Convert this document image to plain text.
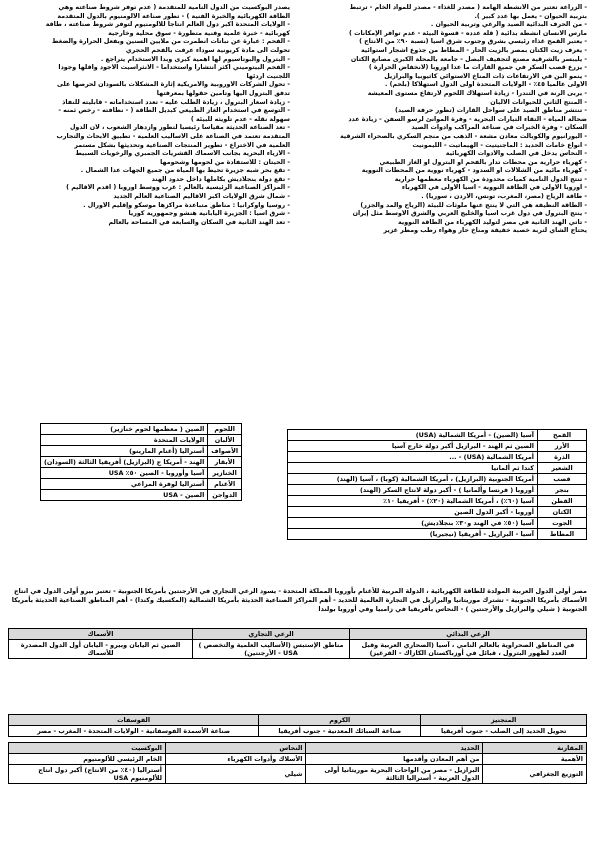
- الزراعة تعتبر من الأنشطة الهامة ( مصدر للغذاء - مصدر للمواد الخام - ترتبط
بتربية الحيوان - يعمل بها عدد كبير ).
- من الحرف البدائية الصيد والرعي وتربية الحيوان .
مارس الانسان أنشطة بدائية ( قلة عدده - قسوة البيئة - عدم توافر الإمكانات )
- يعتبر القمح غذاء رئيسي بشرق وجنوب شرق آسيا (نسبة ٩٠٪ من الانتاج )
- يعرف زيت الكتان بمصر بالزيت الحار - المطاط من جذوع أشجار استوائية
- يليبسر بالشرقية مصنع لتجفيف البصل - جامعة بالمحلة الكبرى مصانع الكتان
- يزرع قصب السكر في جميع القارات ما عدا أوروبا (لانخفاض الحرارة )
- ينمو البن في الارتفاعات ذات المناخ الاستوائي كأثيوبيا والبرازيل
الأولى عالميا ٤٥٪ - الولايات المتحدة أولى الدول استهلاكا (بلحم) .
- يربى الرنة في التندرا - زيادة استهلاك اللحوم لارتفاع مستوى المعيشة
- المنتج الثاني للحيوانات الألبان
- تنتشر مناطق الصيد على سواحل القارات (تطور حرفة الصيد)
ضحالة المياه - التقاء التيارات البحرية - وفرة الموانئ لرسو السفن - زيادة عدد
السكان - وفرة الخبرات في صناعة المراكب وأدوات الصيد
- اليورانيوم والكوبالت معادن مشعة - الذهب من منجم السكري بالصحراء الشرقية
- أنواع خامات الحديد : الماجنيتيت - الهيماتيت - الليمونيت
- النحاس يدخل في الصلب والأدوات الكهربائية
- كهرباء حرارية من محطات تدار بالفحم أو البترول أو الغاز الطبيعي
- كهرباء مائية من الشلالات أو السدود - كهرباء نووية من المحطات النووية
- تنتج الدول النامية كميات محدودة من الكهرباء معظمها حرارية
- أوروبا الأولى في الطاقة النووية - آسيا الأولى في الكهرباء
- طاقة الرياح (مصر، المغرب، تونس، الأردن ، سوريا) .
- الطاقة النظيفة هي التي لا ينتج عنها ملوثات للبيئة (الرياح والمد والجزر)
- ينتج البترول في دول غرب آسيا والخليج العربي والشرق الأوسط مثل إيران
- تأتي الهند الثانية في مصر لتوليد الكهرباء من الطاقة النووية
يحتاج الشاي لتربة خصبة خفيفة ومناخ حار وهواء رطب ومطر غزير
يصدر البوكسيت من الدول النامية للمتقدمة ( عدم توفر شروط صناعته وهي
الطاقة الكهربائية والخبرة الفنية ) - تطور صناعة الألومنيوم بالدول المتقدمة
- الولايات المتحدة أكبر دول العالم انتاجا للألومنيوم لتوفر شروط صناعته ، طاقة
كهربائية - خبرة علمية وفنية متطورة - سوق محلية وخارجية
- الفحم : عبارة عن نباتات انطمرت من ملايين السنين وبفعل الحرارة والضغط
تحولت الى مادة كربونية سوداء عرفت بالفحم الحجري
- البترول والبوتاسيوم لها أهمية كبرى وبدأ الاستخدام يتراجع .
- الفحم البيتوميني أكثر انتشارا واستخداما - الانثراسيت الأجود وأقلها وجودا
اللجنيت أردئها
- تحول الشركات الأوروبية والأمريكية إثارة المشكلات بالسودان لحرصها على
تدفق البترول اليها وتأمين حقولها بمعرفتها
- زيادة أسعار البترول ، زيادة الطلب عليه - تعدد استخداماته - قابليته للنفاذ
- التوسع في استخدام الغاز الطبيعي كبديل الطاقة ( - نظافته - رخص ثمنه -
سهولة نقله - عدم تلويثه للبيئة )
- تعد الصناعة الحديثة مقياسا رئيسيا لتطور وازدهار الشعوب ، لأن الدول
المتقدمة تعتمد في الصناعة على الأساليب العلمية - تطبيق الأبحاث والتجارب
العلمية في الاختراع - تطوير المنتجات الصناعية وتحديثها بشكل مستمر
- الأزياء البحرية بجانب الأسماك القشريات الجمبري والرخويات السبيط
- الحيتان : للاستفادة من لحومها وشحومها
- تقع بحر شبه جزيرة تحيط بها المياه من جميع الجهات عدا الشمال .
- تقع دولة بنجلاديش بكاملها داخل حدود الهند
- المراكز الصناعية الرئيسية بالعالم : غرب ووسط أوروبا ( أقدم الأقاليم )
- شمال شرق الولايات أكبر الأقاليم الصناعية العالم الجديد
- روسيا وأوكرانيا : مناطق متباعدة مراكزها موسكو وإقليم الأورال .
- شرق آسيا : الجزيرة اليابانية هنشو وجمهورية كوريا
- تعد الهند الثانية في السكان والسابعة في المساحة بالعالم
القمح	آسيا (الصين) - أمريكا الشمالية (USA)
الأرز	الصين ثم الهند - البرازيل أكبر دولة خارج آسيا
الذرة	أمريكا الشمالية (USA) - ...
الشعير	كندا ثم ألمانيا
قصب	أمريكا الجنوبية (البرازيل) ، أمريكا الشمالية (كوبا) ، آسيا (الهند)
بنجر	أوروبا ( فرنسا وألمانيا ) - أكبر دولة لانتاج السكر (الهند)
القطن	آسيا (٦٠٪) ، أمريكا الشمالية (٢٠٪) - أفريقيا ١٠٪
الكتان	أوروبا - أكبر الدول الصين
الجوت	آسيا (٥٠٪ في الهند و٣٠٪ بنجلاديش)
المطاط	آسيا - البرازيل - أفريقيا (نيجيريا)
اللحوم	الصين ( معظمها لحوم خنازير)
الألبان	الولايات المتحدة
الأصواف	أستراليا (أغنام المارينو)
الأبقار	الهند - أمريكا ج (البرازيل) أفريقيا الثالثة (السودان)
الخنازير	آسيا وأوروبا - الصين ٥٠٪ USA
الأغنام	أستراليا لوفرة المراعي
الدواجن	الصين - USA
مصر أولى الدول العربية المولدة للطاقة الكهربائية ، الدولة المربية للأغنام بأوروبا المملكة المتحدة - يسود الرعي التجاري في الأرجنتين بأمريكا الجنوبية - تعتبر بيرو أولى الدول في انتاج الأسماك بأمريكا الجنوبية - تشترك موريتانيا والبرازيل في التجارة العالمية للحديد - أهم المراكز الصناعية الحديثة بأمريكا الشمالية (المكسيك وكندا) - أهم المناطق الصناعية الحديثة بأمريكا الجنوبية ( شيلي والبرازيل والأرجنتين ) - النحاس بأفريقيا في زامبيا وفي أوروبا بولندا
الرعي البدائي	الرعي التجاري	الأسماك
في المناطق الصحراوية بالعالم النامي ، آسيا (الصحاري العربية وقبل العدد لظهور البترول ، قبائل في أوزباكستان الكازاك - القرغيز)	مناطق الإستبس (الأساليب العلمية والتخصص ) USA - الأرجنتين)	الصين ثم اليابان وبيرو - اليابان أول الدول المصدرة للأسماك
المنجنيز	الكروم	الفوسفات
تحويل الحديد إلى الصلب - جنوب أفريقيا	صناعة السبائك المعدنية - جنوب أفريقيا	صناعة الأسمدة الفوسفاتية - الولايات المتحدة - المغرب - مصر
المقارنة	الحديد	النحاس	البوكسيت
الأهمية	من أهم المعادن وأقدمها	الأسلاك وأدوات الكهرباء	الخام الرئيسي للألومنيوم
التوزيع الجغرافي	البرازيل - مصر من الواحات البحرية موريتانيا أولى الدول العربية - أستراليا الثالثة	شيلي	أستراليا (٤٠٪ من الانتاج) أكبر دول انتاج للألومنيوم USA
